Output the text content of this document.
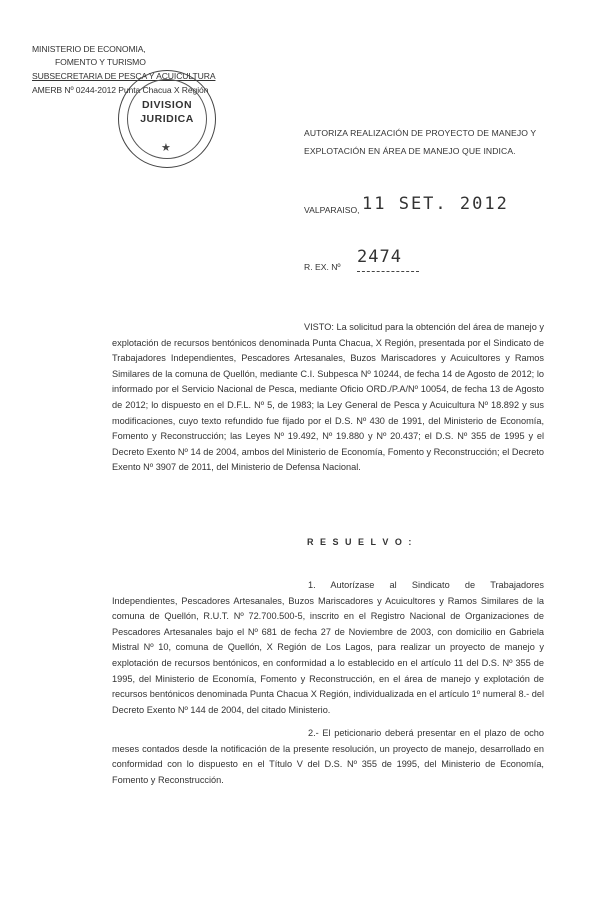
MINISTERIO DE ECONOMIA,
FOMENTO Y TURISMO
SUBSECRETARIA DE PESCA Y ACUICULTURA
AMERB Nº 0244-2012 Punta Chacua X Región
DIVISION
JURIDICA
★
AUTORIZA REALIZACIÓN DE PROYECTO DE MANEJO Y EXPLOTACIÓN EN ÁREA DE MANEJO QUE INDICA.
VALPARAISO, 11 SET. 2012
R. EX. Nº 2474
VISTO: La solicitud para la obtención del área de manejo y explotación de recursos bentónicos denominada Punta Chacua, X Región, presentada por el Sindicato de Trabajadores Independientes, Pescadores Artesanales, Buzos Mariscadores y Acuicultores y Ramos Similares de la comuna de Quellón, mediante C.I. Subpesca Nº 10244, de fecha 14 de Agosto de 2012; lo informado por el Servicio Nacional de Pesca, mediante Oficio ORD./P.A/Nº 10054, de fecha 13 de Agosto de 2012; lo dispuesto en el D.F.L. Nº 5, de 1983; la Ley General de Pesca y Acuicultura Nº 18.892 y sus modificaciones, cuyo texto refundido fue fijado por el D.S. Nº 430 de 1991, del Ministerio de Economía, Fomento y Reconstrucción; las Leyes Nº 19.492, Nº 19.880 y Nº 20.437; el D.S. Nº 355 de 1995 y el Decreto Exento Nº 14 de 2004, ambos del Ministerio de Economía, Fomento y Reconstrucción; el Decreto Exento Nº 3907 de 2011, del Ministerio de Defensa Nacional.
R E S U E L V O :
1. Autorízase al Sindicato de Trabajadores Independientes, Pescadores Artesanales, Buzos Mariscadores y Acuicultores y Ramos Similares de la comuna de Quellón, R.U.T. Nº 72.700.500-5, inscrito en el Registro Nacional de Organizaciones de Pescadores Artesanales bajo el Nº 681 de fecha 27 de Noviembre de 2003, con domicilio en Gabriela Mistral Nº 10, comuna de Quellón, X Región de Los Lagos, para realizar un proyecto de manejo y explotación de recursos bentónicos, en conformidad a lo establecido en el artículo 11 del D.S. Nº 355 de 1995, del Ministerio de Economía, Fomento y Reconstrucción, en el área de manejo y explotación de recursos bentónicos denominada Punta Chacua X Región, individualizada en el artículo 1º numeral 8.- del Decreto Exento Nº 144 de 2004, del citado Ministerio.
2.- El peticionario deberá presentar en el plazo de ocho meses contados desde la notificación de la presente resolución, un proyecto de manejo, desarrollado en conformidad con lo dispuesto en el Título V del D.S. Nº 355 de 1995, del Ministerio de Economía, Fomento y Reconstrucción.
